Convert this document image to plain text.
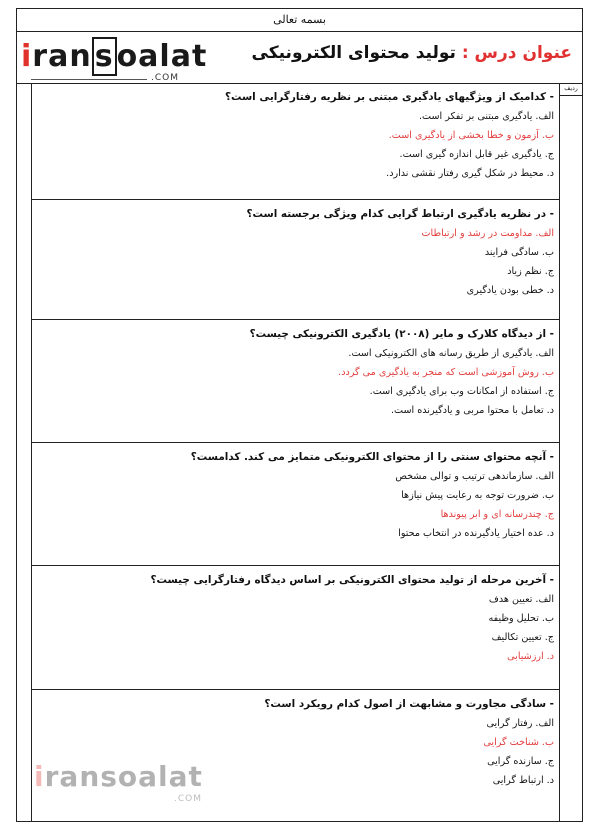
بسمه تعالی
iran s oalat
.COM
عنوان درس : تولید محتوای الکترونیکی
ردیف
- کدامیک از ویژگیهای یادگیری مبتنی بر نظریه رفتارگرایی است؟
الف. یادگیری مبتنی بر تفکر است.
ب. آزمون و خطا بخشی از یادگیری است.
ج. یادگیری غیر قابل اندازه گیری است.
د. محیط در شکل گیری رفتار نقشی ندارد.
- در نظریه یادگیری ارتباط گرایی کدام ویژگی برجسته است؟
الف. مداومت در رشد و ارتباطات
ب. سادگی فرایند
ج. نظم زیاد
د. خطی بودن یادگیری
- از دیدگاه کلارک و مایر (۲۰۰۸) یادگیری الکترونیکی چیست؟
الف. یادگیری از طریق رسانه های الکترونیکی است.
ب. روش آموزشی است که منجر به یادگیری می گردد.
ج. استفاده از امکانات وب برای یادگیری است.
د. تعامل با محتوا مربی و یادگیرنده است.
- آنچه محتوای سنتی را از محتوای الکترونیکی متمایز می کند. کدامست؟
الف. سازماندهی ترتیب و توالی مشخص
ب. ضرورت توجه به رعایت پیش نیازها
ج. چندرسانه ای و ابر پیوندها
د. عده اختیار یادگیرنده در انتخاب محتوا
- آخرین مرحله از تولید محتوای الکترونیکی بر اساس دیدگاه رفتارگرایی چیست؟
الف. تعیین هدف
ب. تحلیل وظیفه
ج. تعیین تکالیف
د. ارزشیابی
- سادگی مجاورت و مشابهت از اصول کدام رویکرد است؟
الف. رفتار گرایی
ب. شناخت گرایی
ج. سازنده گرایی
د. ارتباط گرایی
iransoalat
.COM
